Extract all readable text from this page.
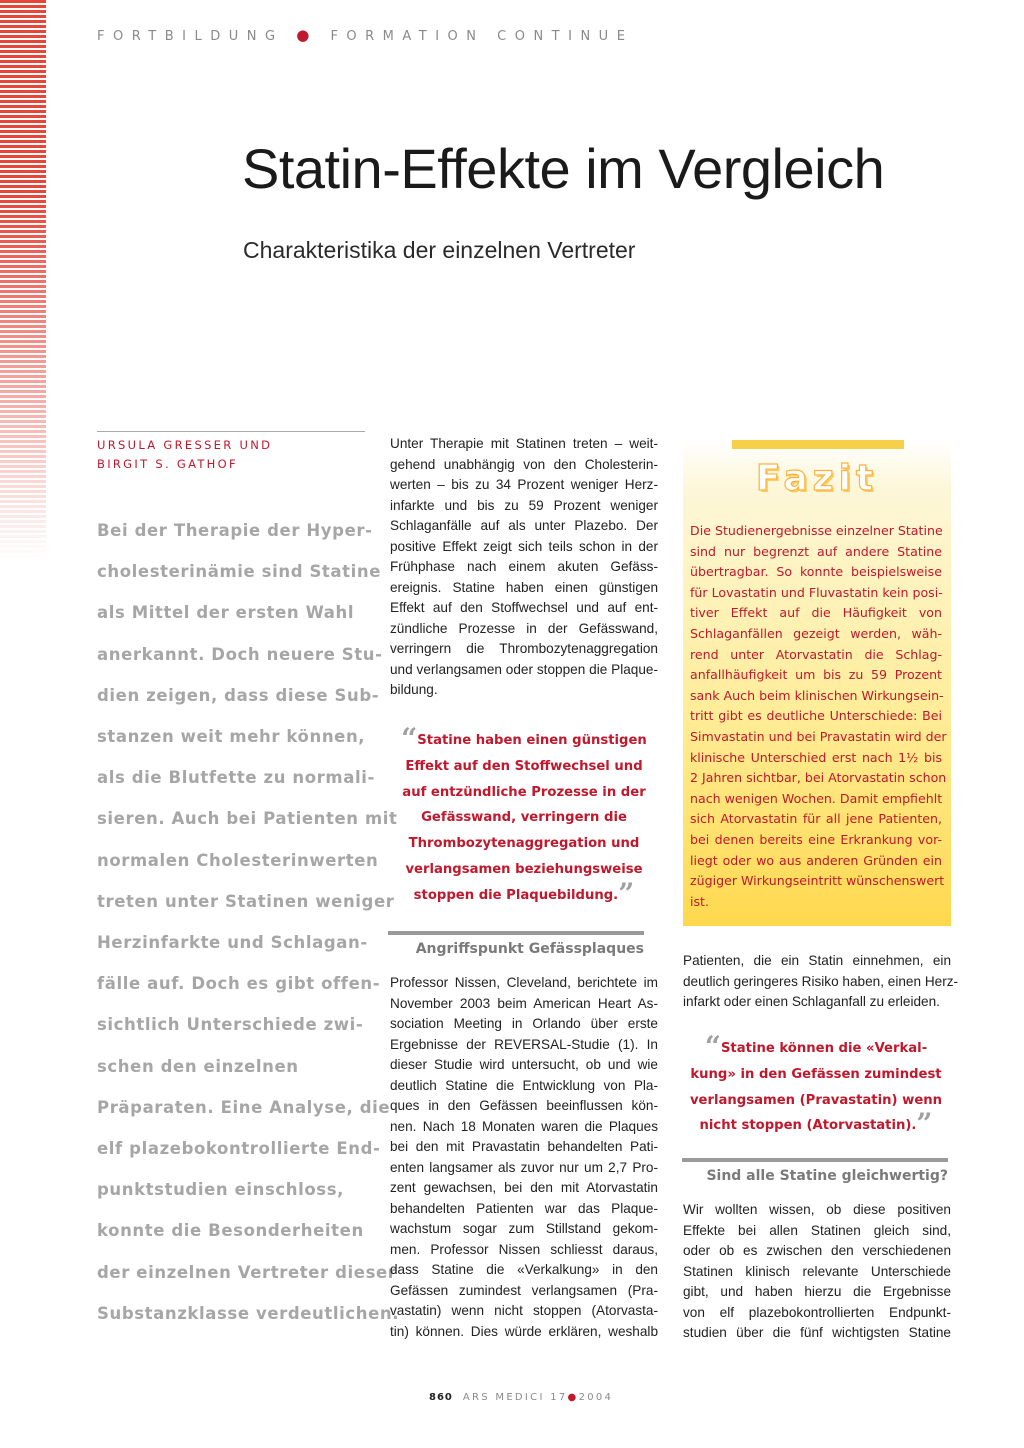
FORTBILDUNG ● FORMATION CONTINUE
Statin-Effekte im Vergleich
Charakteristika der einzelnen Vertreter
URSULA GRESSER UND
BIRGIT S. GATHOF
Bei der Therapie der Hyper-
cholesterinämie sind Statine
als Mittel der ersten Wahl
anerkannt. Doch neuere Stu-
dien zeigen, dass diese Sub-
stanzen weit mehr können,
als die Blutfette zu normali-
sieren. Auch bei Patienten mit
normalen Cholesterinwerten
treten unter Statinen weniger
Herzinfarkte und Schlagan-
fälle auf. Doch es gibt offen-
sichtlich Unterschiede zwi-
schen den einzelnen
Präparaten. Eine Analyse, die
elf plazebokontrollierte End-
punktstudien einschloss,
konnte die Besonderheiten
der einzelnen Vertreter dieser
Substanzklasse verdeutlichen.
Unter Therapie mit Statinen treten – weit-
gehend unabhängig von den Cholesterin-
werten – bis zu 34 Prozent weniger Herz-
infarkte und bis zu 59 Prozent weniger
Schlaganfälle auf als unter Plazebo. Der
positive Effekt zeigt sich teils schon in der
Frühphase nach einem akuten Gefäss-
ereignis. Statine haben einen günstigen
Effekt auf den Stoffwechsel und auf ent-
zündliche Prozesse in der Gefässwand,
verringern die Thrombozytenaggregation
und verlangsamen oder stoppen die Plaque-
bildung.
“Statine haben einen günstigen
Effekt auf den Stoffwechsel und
auf entzündliche Prozesse in der
Gefässwand, verringern die
Thrombozytenaggregation und
verlangsamen beziehungsweise
stoppen die Plaquebildung.”
Angriffspunkt Gefässplaques
Professor Nissen, Cleveland, berichtete im
November 2003 beim American Heart As-
sociation Meeting in Orlando über erste
Ergebnisse der REVERSAL-Studie (1). In
dieser Studie wird untersucht, ob und wie
deutlich Statine die Entwicklung von Pla-
ques in den Gefässen beeinflussen kön-
nen. Nach 18 Monaten waren die Plaques
bei den mit Pravastatin behandelten Pati-
enten langsamer als zuvor nur um 2,7 Pro-
zent gewachsen, bei den mit Atorvastatin
behandelten Patienten war das Plaque-
wachstum sogar zum Stillstand gekom-
men. Professor Nissen schliesst daraus,
dass Statine die «Verkalkung» in den
Gefässen zumindest verlangsamen (Pra-
vastatin) wenn nicht stoppen (Atorvasta-
tin) können. Dies würde erklären, weshalb
Fazit
Die Studienergebnisse einzelner Statine
sind nur begrenzt auf andere Statine
übertragbar. So konnte beispielsweise
für Lovastatin und Fluvastatin kein posi-
tiver Effekt auf die Häufigkeit von
Schlaganfällen gezeigt werden, wäh-
rend unter Atorvastatin die Schlag-
anfallhäufigkeit um bis zu 59 Prozent
sank Auch beim klinischen Wirkungsein-
tritt gibt es deutliche Unterschiede: Bei
Simvastatin und bei Pravastatin wird der
klinische Unterschied erst nach 1½ bis
2 Jahren sichtbar, bei Atorvastatin schon
nach wenigen Wochen. Damit empfiehlt
sich Atorvastatin für all jene Patienten,
bei denen bereits eine Erkrankung vor-
liegt oder wo aus anderen Gründen ein
zügiger Wirkungseintritt wünschenswert
ist.
Patienten, die ein Statin einnehmen, ein
deutlich geringeres Risiko haben, einen Herz-
infarkt oder einen Schlaganfall zu erleiden.
“Statine können die «Verkal-
kung» in den Gefässen zumindest
verlangsamen (Pravastatin) wenn
nicht stoppen (Atorvastatin).”
Sind alle Statine gleichwertig?
Wir wollten wissen, ob diese positiven
Effekte bei allen Statinen gleich sind,
oder ob es zwischen den verschiedenen
Statinen klinisch relevante Unterschiede
gibt, und haben hierzu die Ergebnisse
von elf plazebokontrollierten Endpunkt-
studien über die fünf wichtigsten Statine
860 ARS MEDICI 17●2004
